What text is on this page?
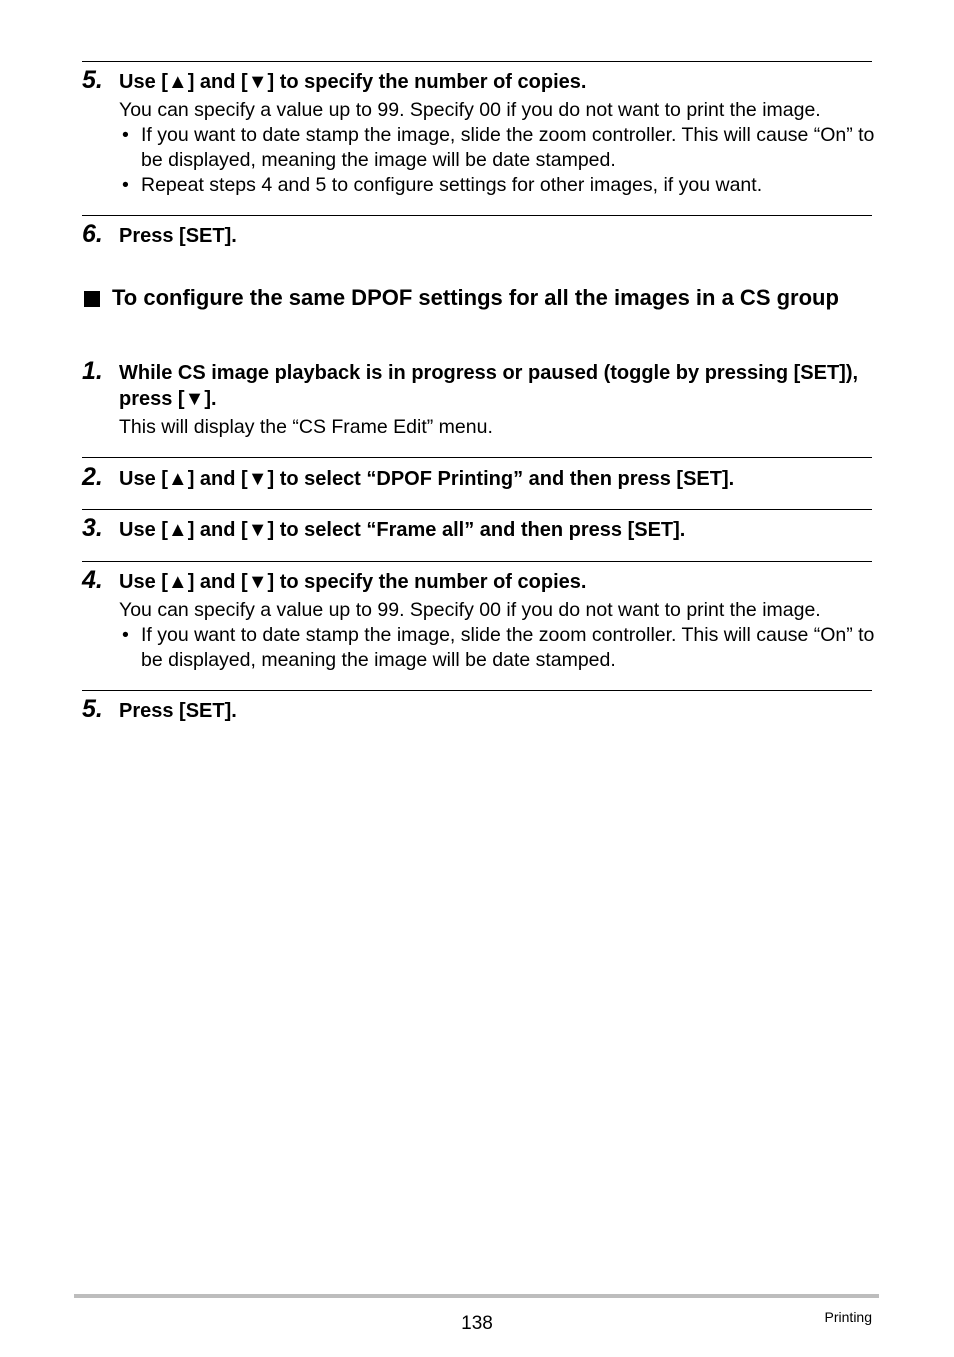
5. Use [▲] and [▼] to specify the number of copies.
You can specify a value up to 99. Specify 00 if you do not want to print the image.
• If you want to date stamp the image, slide the zoom controller. This will cause “On” to be displayed, meaning the image will be date stamped.
• Repeat steps 4 and 5 to configure settings for other images, if you want.
6. Press [SET].
To configure the same DPOF settings for all the images in a CS group
1. While CS image playback is in progress or paused (toggle by pressing [SET]), press [▼].
This will display the “CS Frame Edit” menu.
2. Use [▲] and [▼] to select “DPOF Printing” and then press [SET].
3. Use [▲] and [▼] to select “Frame all” and then press [SET].
4. Use [▲] and [▼] to specify the number of copies.
You can specify a value up to 99. Specify 00 if you do not want to print the image.
• If you want to date stamp the image, slide the zoom controller. This will cause “On” to be displayed, meaning the image will be date stamped.
5. Press [SET].
138	Printing
